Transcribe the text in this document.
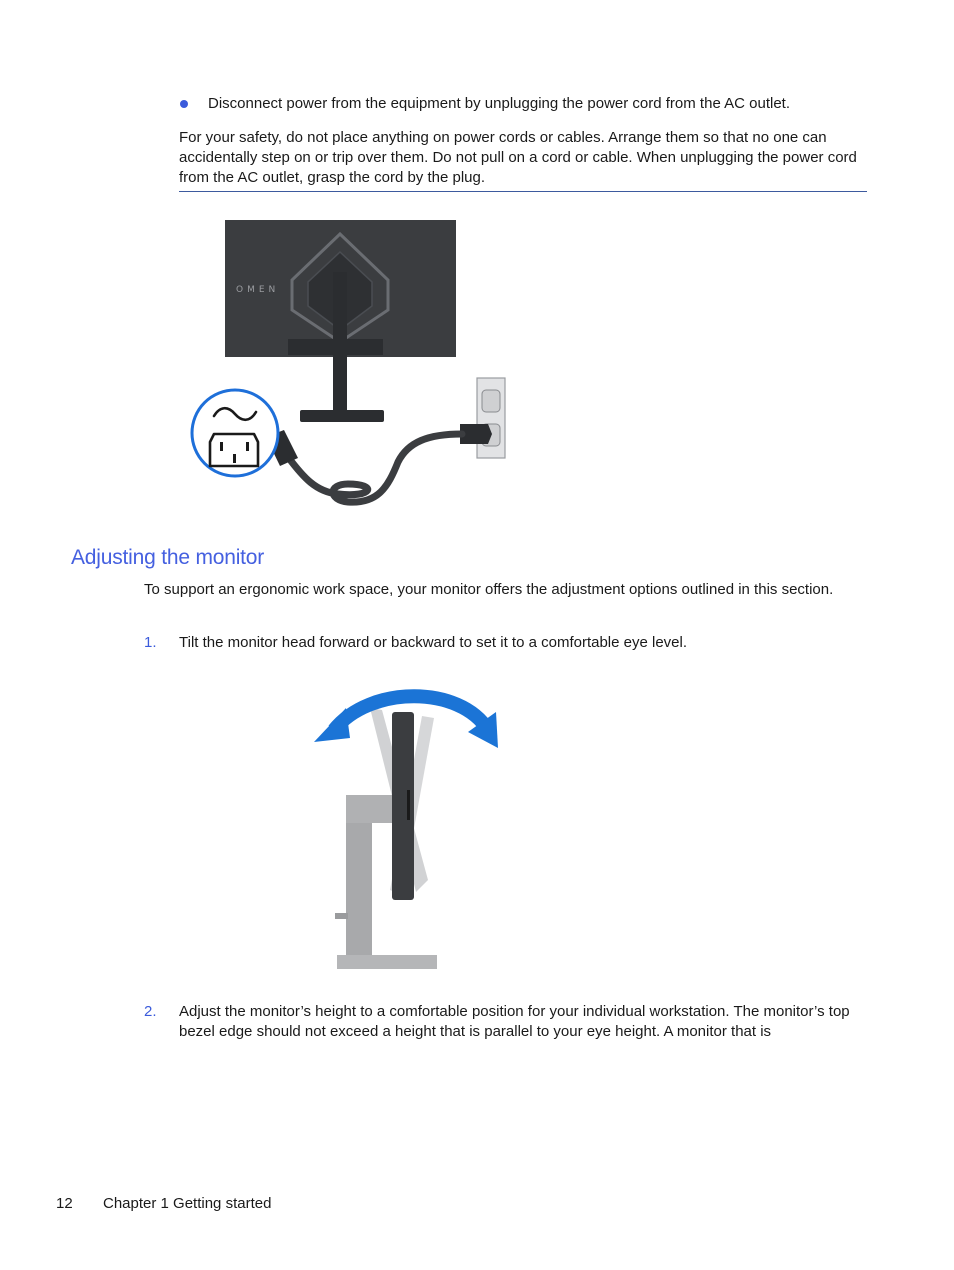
Disconnect power from the equipment by unplugging the power cord from the AC outlet.
For your safety, do not place anything on power cords or cables. Arrange them so that no one can accidentally step on or trip over them. Do not pull on a cord or cable. When unplugging the power cord from the AC outlet, grasp the cord by the plug.
OMEN
Adjusting the monitor
To support an ergonomic work space, your monitor offers the adjustment options outlined in this section.
1. Tilt the monitor head forward or backward to set it to a comfortable eye level.
2. Adjust the monitor’s height to a comfortable position for your individual workstation. The monitor’s top bezel edge should not exceed a height that is parallel to your eye height. A monitor that is
12 Chapter 1 Getting started
